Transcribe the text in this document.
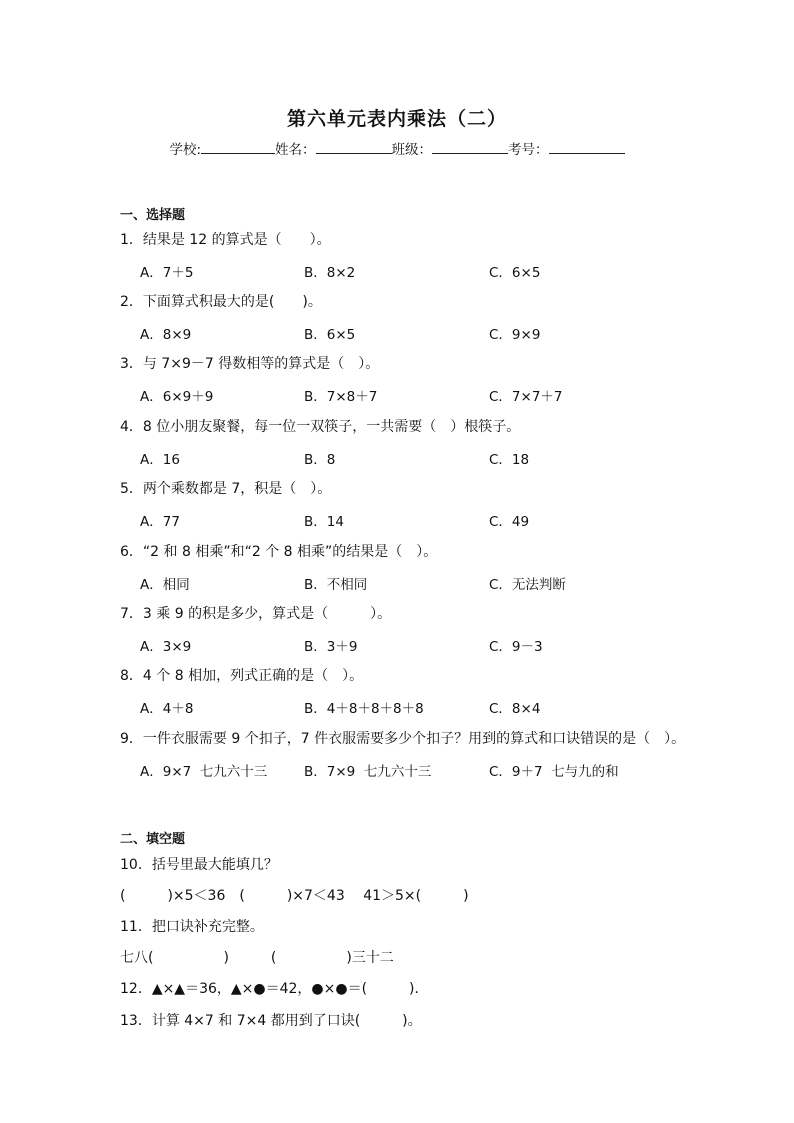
第六单元表内乘法（二）
学校:	姓名：	班级：	考号：
一、选择题
1．结果是 12 的算式是（　　）。
A．7＋5	B．8×2	C．6×5
2．下面算式积最大的是(　　)。
A．8×9	B．6×5	C．9×9
3．与 7×9－7 得数相等的算式是（　）。
A．6×9＋9	B．7×8＋7	C．7×7＋7
4．8 位小朋友聚餐，每一位一双筷子，一共需要（　）根筷子。
A．16	B．8	C．18
5．两个乘数都是 7，积是（　）。
A．77	B．14	C．49
6．“2 和 8 相乘”和“2 个 8 相乘”的结果是（　）。
A．相同	B．不相同	C．无法判断
7．3 乘 9 的积是多少，算式是（　　　）。
A．3×9	B．3＋9	C．9－3
8．4 个 8 相加，列式正确的是（　）。
A．4＋8	B．4＋8＋8＋8＋8	C．8×4
9．一件衣服需要 9 个扣子，7 件衣服需要多少个扣子？用到的算式和口诀错误的是（　）。
A．9×7  七九六十三	B．7×9  七九六十三	C．9＋7  七与九的和
二、填空题
10．括号里最大能填几？
(　　　)×5＜36　(　　　)×7＜43　 41＞5×(　　　)
11．把口诀补充完整。
七八(　　　　　)　　　(　　　　　)三十二
12．▲×▲＝36，▲×●＝42，●×●＝(　　　)．
13．计算 4×7 和 7×4 都用到了口诀(　　　)。
